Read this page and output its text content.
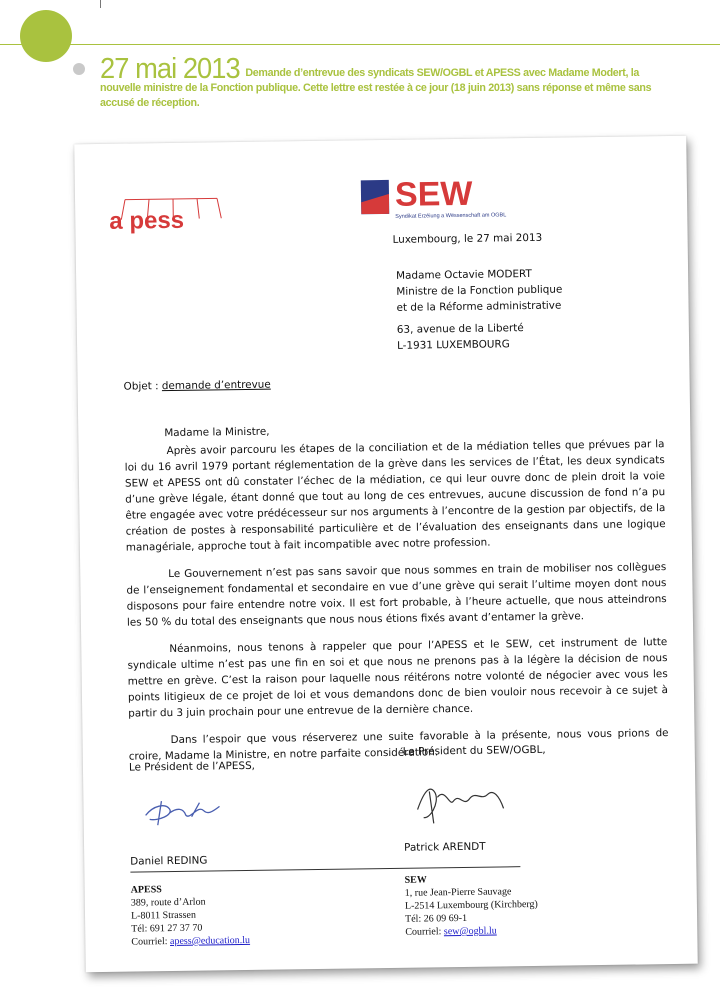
27 mai 2013 Demande d’entrevue des syndicats SEW/OGBL et APESS avec Madame Modert, la nouvelle ministre de la Fonction publique. Cette lettre est restée à ce jour (18 juin 2013) sans réponse et même sans accusé de réception.
a pess
SEW
Syndikat Erzéiung a Wëssenschaft am OGBL
Luxembourg, le 27 mai 2013
Madame Octavie MODERT
Ministre de la Fonction publique
et de la Réforme administrative
63, avenue de la Liberté
L-1931 LUXEMBOURG
Objet : demande d’entrevue
Madame la Ministre,

Après avoir parcouru les étapes de la conciliation et de la médiation telles que prévues par la loi du 16 avril 1979 portant réglementation de la grève dans les services de l’État, les deux syndicats SEW et APESS ont dû constater l’échec de la médiation, ce qui leur ouvre donc de plein droit la voie d’une grève légale, étant donné que tout au long de ces entrevues, aucune discussion de fond n’a pu être engagée avec votre prédécesseur sur nos arguments à l’encontre de la gestion par objectifs, de la création de postes à responsabilité particulière et de l’évaluation des enseignants dans une logique managériale, approche tout à fait incompatible avec notre profession.

Le Gouvernement n’est pas sans savoir que nous sommes en train de mobiliser nos collègues de l’enseignement fondamental et secondaire en vue d’une grève qui serait l’ultime moyen dont nous disposons pour faire entendre notre voix. Il est fort probable, à l’heure actuelle, que nous atteindrons les 50 % du total des enseignants que nous nous étions fixés avant d’entamer la grève.

Néanmoins, nous tenons à rappeler que pour l’APESS et le SEW, cet instrument de lutte syndicale ultime n’est pas une fin en soi et que nous ne prenons pas à la légère la décision de nous mettre en grève. C’est la raison pour laquelle nous réitérons notre volonté de négocier avec vous les points litigieux de ce projet de loi et vous demandons donc de bien vouloir nous recevoir à ce sujet à partir du 3 juin prochain pour une entrevue de la dernière chance.

Dans l’espoir que vous réserverez une suite favorable à la présente, nous vous prions de croire, Madame la Ministre, en notre parfaite considération.

Le Président de l’APESS,
Le Président du SEW/OGBL,
Daniel REDING
Patrick ARENDT
APESS
389, route d’Arlon
L-8011 Strassen
Tél: 691 27 37 70
Courriel: apess@education.lu
SEW
1, rue Jean-Pierre Sauvage
L-2514 Luxembourg (Kirchberg)
Tél: 26 09 69-1
Courriel: sew@ogbl.lu
